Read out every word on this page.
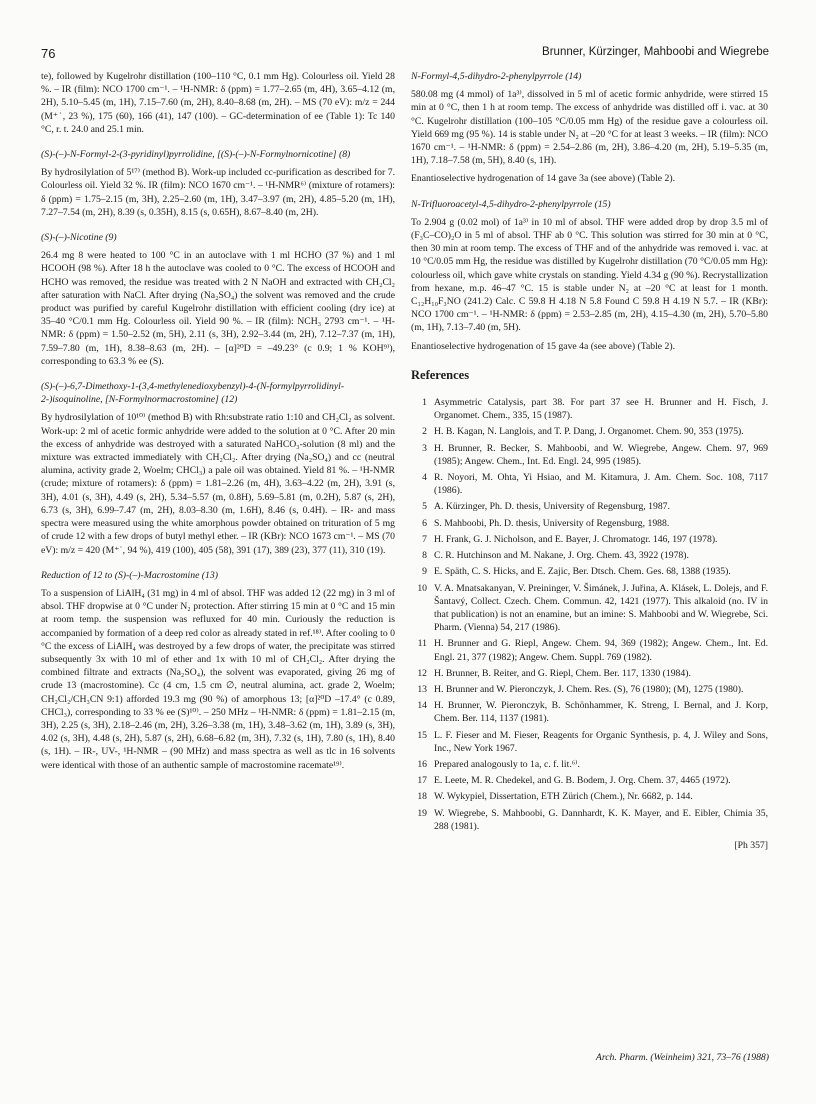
76	Brunner, Kürzinger, Mahboobi and Wiegrebe

te), followed by Kugelrohr distillation (100–110 °C, 0.1 mm Hg). Colourless oil. Yield 28 %. – IR (film): NCO 1700 cm⁻¹. – ¹H-NMR: δ (ppm) = 1.77–2.65 (m, 4H), 3.65–4.12 (m, 2H), 5.10–5.45 (m, 1H), 7.15–7.60 (m, 2H), 8.40–8.68 (m, 2H). – MS (70 eV): m/z = 244 (M⁺˙, 23 %), 175 (60), 166 (41), 147 (100). – GC-determination of ee (Table 1): Tc 140 °C, r. t. 24.0 and 25.1 min.

(S)-(–)-N-Formyl-2-(3-pyridinyl)pyrrolidine, [(S)-(–)-N-Formylnornicotine] (8)

By hydrosilylation of 5¹⁷⁾ (method B). Work-up included cc-purification as described for 7. Colourless oil. Yield 32 %. IR (film): NCO 1670 cm⁻¹. – ¹H-NMR⁶⁾ (mixture of rotamers): δ (ppm) = 1.75–2.15 (m, 3H), 2.25–2.60 (m, 1H), 3.47–3.97 (m, 2H), 4.85–5.20 (m, 1H), 7.27–7.54 (m, 2H), 8.39 (s, 0.35H), 8.15 (s, 0.65H), 8.67–8.40 (m, 2H).

(S)-(–)-Nicotine (9)

26.4 mg 8 were heated to 100 °C in an autoclave with 1 ml HCHO (37 %) and 1 ml HCOOH (98 %). After 18 h the autoclave was cooled to 0 °C. The excess of HCOOH and HCHO was removed, the residue was treated with 2 N NaOH and extracted with CH₂Cl₂ after saturation with NaCl. After drying (Na₂SO₄) the solvent was removed and the crude product was purified by careful Kugelrohr distillation with efficient cooling (dry ice) at 35–40 °C/0.1 mm Hg. Colourless oil. Yield 90 %. – IR (film): NCH₃ 2793 cm⁻¹. – ¹H-NMR: δ (ppm) = 1.50–2.52 (m, 5H), 2.11 (s, 3H), 2.92–3.44 (m, 2H), 7.12–7.37 (m, 1H), 7.59–7.80 (m, 1H), 8.38–8.63 (m, 2H). – [α]²⁰D = –49.23° (c 0.9; 1 % KOH⁹⁾), corresponding to 63.3 % ee (S).

(S)-(–)-6,7-Dimethoxy-1-(3,4-methylenedioxybenzyl)-4-(N-formylpyrrolidinyl-2-)isoquinoline, [N-Formylnormacrostomine] (12)

By hydrosilylation of 10¹⁰⁾ (method B) with Rh:substrate ratio 1:10 and CH₂Cl₂ as solvent. Work-up: 2 ml of acetic formic anhydride were added to the solution at 0 °C. After 20 min the excess of anhydride was destroyed with a saturated NaHCO₃-solution (8 ml) and the mixture was extracted immediately with CH₂Cl₂. After drying (Na₂SO₄) and cc (neutral alumina, activity grade 2, Woelm; CHCl₃) a pale oil was obtained. Yield 81 %. – ¹H-NMR (crude; mixture of rotamers): δ (ppm) = 1.81–2.26 (m, 4H), 3.63–4.22 (m, 2H), 3.91 (s, 3H), 4.01 (s, 3H), 4.49 (s, 2H), 5.34–5.57 (m, 0.8H), 5.69–5.81 (m, 0.2H), 5.87 (s, 2H), 6.73 (s, 3H), 6.99–7.47 (m, 2H), 8.03–8.30 (m, 1.6H), 8.46 (s, 0.4H). – IR- and mass spectra were measured using the white amorphous powder obtained on trituration of 5 mg of crude 12 with a few drops of butyl methyl ether. – IR (KBr): NCO 1673 cm⁻¹. – MS (70 eV): m/z = 420 (M⁺˙, 94 %), 419 (100), 405 (58), 391 (17), 389 (23), 377 (11), 310 (19).

Reduction of 12 to (S)-(–)-Macrostomine (13)

To a suspension of LiAlH₄ (31 mg) in 4 ml of absol. THF was added 12 (22 mg) in 3 ml of absol. THF dropwise at 0 °C under N₂ protection. After stirring 15 min at 0 °C and 15 min at room temp. the suspension was refluxed for 40 min. Curiously the reduction is accompanied by formation of a deep red color as already stated in ref.¹⁸⁾. After cooling to 0 °C the excess of LiAlH₄ was destroyed by a few drops of water, the precipitate was stirred subsequently 3x with 10 ml of ether and 1x with 10 ml of CH₂Cl₂. After drying the combined filtrate and extracts (Na₂SO₄), the solvent was evaporated, giving 26 mg of crude 13 (macrostomine). Cc (4 cm, 1.5 cm ∅, neutral alumina, act. grade 2, Woelm; CH₂Cl₂/CH₃CN 9:1) afforded 19.3 mg (90 %) of amorphous 13; [α]²⁰D –17.4° (c 0.89, CHCl₃), corresponding to 33 % ee (S)¹⁰⁾. – 250 MHz – ¹H-NMR: δ (ppm) = 1.81–2.15 (m, 3H), 2.25 (s, 3H), 2.18–2.46 (m, 2H), 3.26–3.38 (m, 1H), 3.48–3.62 (m, 1H), 3.89 (s, 3H), 4.02 (s, 3H), 4.48 (s, 2H), 5.87 (s, 2H), 6.68–6.82 (m, 3H), 7.32 (s, 1H), 7.80 (s, 1H), 8.40 (s, 1H). – IR-, UV-, ¹H-NMR – (90 MHz) and mass spectra as well as tlc in 16 solvents were identical with those of an authentic sample of macrostomine racemate¹⁹⁾.

N-Formyl-4,5-dihydro-2-phenylpyrrole (14)

580.08 mg (4 mmol) of 1a³⁾, dissolved in 5 ml of acetic formic anhydride, were stirred 15 min at 0 °C, then 1 h at room temp. The excess of anhydride was distilled off i. vac. at 30 °C. Kugelrohr distillation (100–105 °C/0.05 mm Hg) of the residue gave a colourless oil. Yield 669 mg (95 %). 14 is stable under N₂ at –20 °C for at least 3 weeks. – IR (film): NCO 1670 cm⁻¹. – ¹H-NMR: δ (ppm) = 2.54–2.86 (m, 2H), 3.86–4.20 (m, 2H), 5.19–5.35 (m, 1H), 7.18–7.58 (m, 5H), 8.40 (s, 1H).

Enantioselective hydrogenation of 14 gave 3a (see above) (Table 2).

N-Trifluoroacetyl-4,5-dihydro-2-phenylpyrrole (15)

To 2.904 g (0.02 mol) of 1a³⁾ in 10 ml of absol. THF were added drop by drop 3.5 ml of (F₃C–CO)₂O in 5 ml of absol. THF ab 0 °C. This solution was stirred for 30 min at 0 °C, then 30 min at room temp. The excess of THF and of the anhydride was removed i. vac. at 10 °C/0.05 mm Hg, the residue was distilled by Kugelrohr distillation (70 °C/0.05 mm Hg): colourless oil, which gave white crystals on standing. Yield 4.34 g (90 %). Recrystallization from hexane, m.p. 46–47 °C. 15 is stable under N₂ at –20 °C at least for 1 month. C₁₂H₁₀F₃NO (241.2) Calc. C 59.8 H 4.18 N 5.8 Found C 59.8 H 4.19 N 5.7. – IR (KBr): NCO 1700 cm⁻¹. – ¹H-NMR: δ (ppm) = 2.53–2.85 (m, 2H), 4.15–4.30 (m, 2H), 5.70–5.80 (m, 1H), 7.13–7.40 (m, 5H).

Enantioselective hydrogenation of 15 gave 4a (see above) (Table 2).

References
1 Asymmetric Catalysis, part 38. For part 37 see H. Brunner and H. Fisch, J. Organomet. Chem., 335, 15 (1987).
2 H. B. Kagan, N. Langlois, and T. P. Dang, J. Organomet. Chem. 90, 353 (1975).
3 H. Brunner, R. Becker, S. Mahboobi, and W. Wiegrebe, Angew. Chem. 97, 969 (1985); Angew. Chem., Int. Ed. Engl. 24, 995 (1985).
4 R. Noyori, M. Ohta, Yi Hsiao, and M. Kitamura, J. Am. Chem. Soc. 108, 7117 (1986).
5 A. Kürzinger, Ph. D. thesis, University of Regensburg, 1987.
6 S. Mahboobi, Ph. D. thesis, University of Regensburg, 1988.
7 H. Frank, G. J. Nicholson, and E. Bayer, J. Chromatogr. 146, 197 (1978).
8 C. R. Hutchinson and M. Nakane, J. Org. Chem. 43, 3922 (1978).
9 E. Späth, C. S. Hicks, and E. Zajic, Ber. Dtsch. Chem. Ges. 68, 1388 (1935).
10 V. A. Mnatsakanyan, V. Preininger, V. Šimánek, J. Juřina, A. Klásek, L. Dolejs, and F. Šantavý, Collect. Czech. Chem. Commun. 42, 1421 (1977). This alkaloid (no. IV in that publication) is not an enamine, but an imine: S. Mahboobi and W. Wiegrebe, Sci. Pharm. (Vienna) 54, 217 (1986).
11 H. Brunner and G. Riepl, Angew. Chem. 94, 369 (1982); Angew. Chem., Int. Ed. Engl. 21, 377 (1982); Angew. Chem. Suppl. 769 (1982).
12 H. Brunner, B. Reiter, and G. Riepl, Chem. Ber. 117, 1330 (1984).
13 H. Brunner and W. Pieronczyk, J. Chem. Res. (S), 76 (1980); (M), 1275 (1980).
14 H. Brunner, W. Pieronczyk, B. Schönhammer, K. Streng, I. Bernal, and J. Korp, Chem. Ber. 114, 1137 (1981).
15 L. F. Fieser and M. Fieser, Reagents for Organic Synthesis, p. 4, J. Wiley and Sons, Inc., New York 1967.
16 Prepared analogously to 1a, c. f. lit.⁶⁾.
17 E. Leete, M. R. Chedekel, and G. B. Bodem, J. Org. Chem. 37, 4465 (1972).
18 W. Wykypiel, Dissertation, ETH Zürich (Chem.), Nr. 6682, p. 144.
19 W. Wiegrebe, S. Mahboobi, G. Dannhardt, K. K. Mayer, and E. Eibler, Chimia 35, 288 (1981).
[Ph 357]
Arch. Pharm. (Weinheim) 321, 73–76 (1988)
